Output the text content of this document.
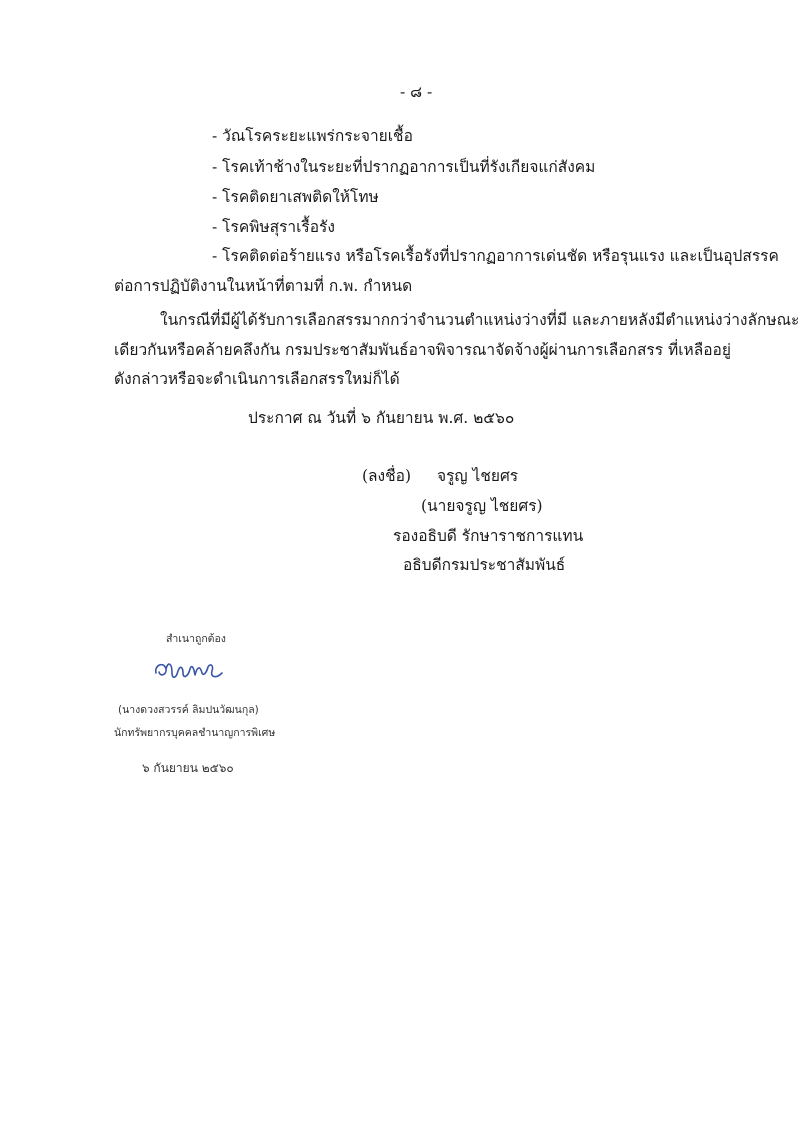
- ๘ -
- วัณโรคระยะแพร่กระจายเชื้อ
- โรคเท้าช้างในระยะที่ปรากฏอาการเป็นที่รังเกียจแก่สังคม
- โรคติดยาเสพติดให้โทษ
- โรคพิษสุราเรื้อรัง
- โรคติดต่อร้ายแรง หรือโรคเรื้อรังที่ปรากฏอาการเด่นชัด หรือรุนแรง และเป็นอุปสรรค
ต่อการปฏิบัติงานในหน้าที่ตามที่ ก.พ. กำหนด
ในกรณีที่มีผู้ได้รับการเลือกสรรมากกว่าจำนวนตำแหน่งว่างที่มี และภายหลังมีตำแหน่งว่างลักษณะ
เดียวกันหรือคล้ายคลึงกัน กรมประชาสัมพันธ์อาจพิจารณาจัดจ้างผู้ผ่านการเลือกสรร ที่เหลืออยู่
ดังกล่าวหรือจะดำเนินการเลือกสรรใหม่ก็ได้
ประกาศ ณ วันที่ ๖ กันยายน พ.ศ. ๒๕๖๐
(ลงชื่อ) จรูญ ไชยศร
(นายจรูญ ไชยศร)
รองอธิบดี รักษาราชการแทน
อธิบดีกรมประชาสัมพันธ์
สำเนาถูกต้อง
(นางดวงสวรรค์ ลิมปนวัฒนกุล)
นักทรัพยากรบุคคลชำนาญการพิเศษ
๖ กันยายน ๒๕๖๐
